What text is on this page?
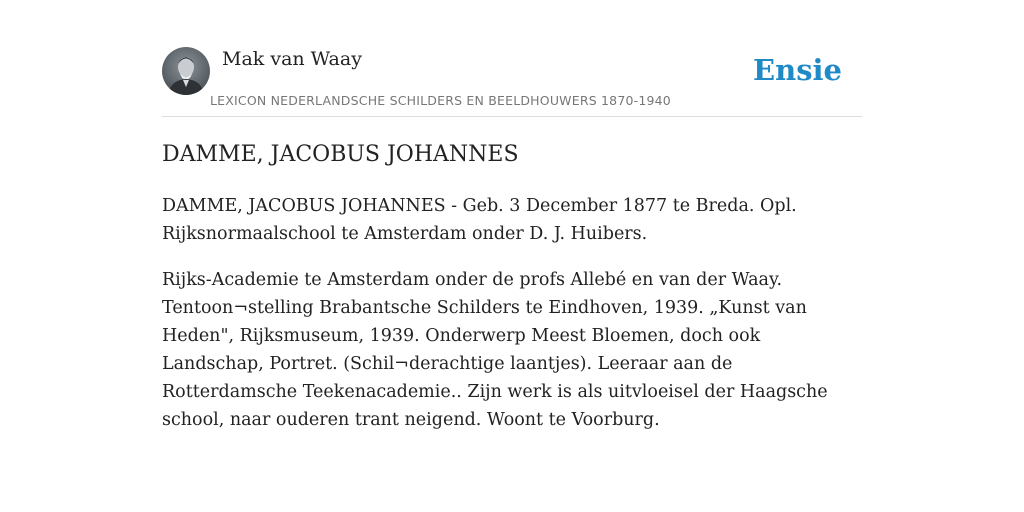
Mak van Waay	Ensie
LEXICON NEDERLANDSCHE SCHILDERS EN BEELDHOUWERS 1870-1940
DAMME, JACOBUS JOHANNES

DAMME, JACOBUS JOHANNES - Geb. 3 December 1877 te Breda. Opl. Rijksnormaalschool te Amsterdam onder D. J. Huibers.

Rijks-Academie te Amsterdam onder de profs Allebé en van der Waay. Tentoon¬stelling Brabantsche Schilders te Eindhoven, 1939. „Kunst van Heden", Rijksmuseum, 1939. Onderwerp Meest Bloemen, doch ook Landschap, Portret. (Schil¬derachtige laantjes). Leeraar aan de Rotterdamsche Teekenacademie.. Zijn werk is als uitvloeisel der Haagsche school, naar ouderen trant neigend. Woont te Voorburg.
